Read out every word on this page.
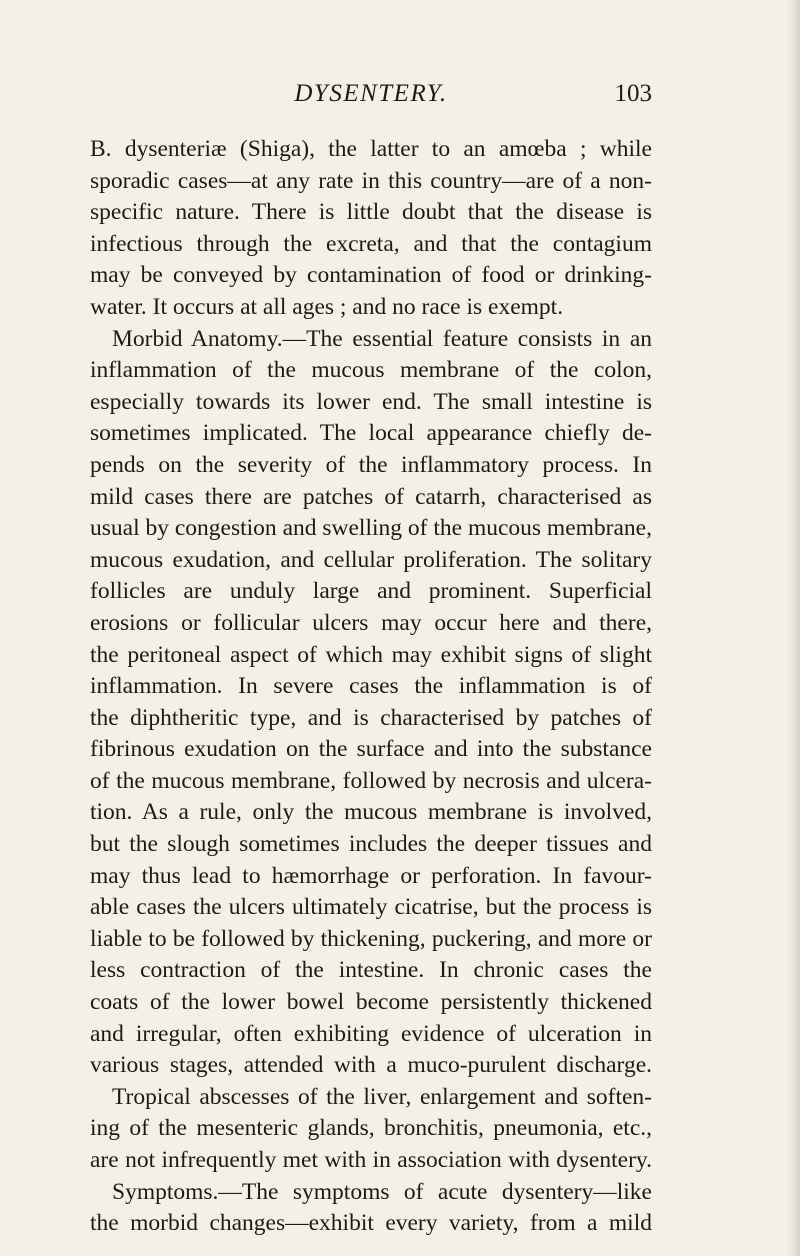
DYSENTERY.	103
B. dysenteriæ (Shiga), the latter to an amœba ; while
sporadic cases—at any rate in this country—are of a non-
specific nature. There is little doubt that the disease is
infectious through the excreta, and that the contagium
may be conveyed by contamination of food or drinking-
water. It occurs at all ages ; and no race is exempt.
Morbid Anatomy.—The essential feature consists in an
inflammation of the mucous membrane of the colon,
especially towards its lower end. The small intestine is
sometimes implicated. The local appearance chiefly de-
pends on the severity of the inflammatory process. In
mild cases there are patches of catarrh, characterised as
usual by congestion and swelling of the mucous membrane,
mucous exudation, and cellular proliferation. The solitary
follicles are unduly large and prominent. Superficial
erosions or follicular ulcers may occur here and there,
the peritoneal aspect of which may exhibit signs of slight
inflammation. In severe cases the inflammation is of
the diphtheritic type, and is characterised by patches of
fibrinous exudation on the surface and into the substance
of the mucous membrane, followed by necrosis and ulcera-
tion. As a rule, only the mucous membrane is involved,
but the slough sometimes includes the deeper tissues and
may thus lead to hæmorrhage or perforation. In favour-
able cases the ulcers ultimately cicatrise, but the process is
liable to be followed by thickening, puckering, and more or
less contraction of the intestine. In chronic cases the
coats of the lower bowel become persistently thickened
and irregular, often exhibiting evidence of ulceration in
various stages, attended with a muco-purulent discharge.
Tropical abscesses of the liver, enlargement and soften-
ing of the mesenteric glands, bronchitis, pneumonia, etc.,
are not infrequently met with in association with dysentery.
Symptoms.—The symptoms of acute dysentery—like
the morbid changes—exhibit every variety, from a mild
